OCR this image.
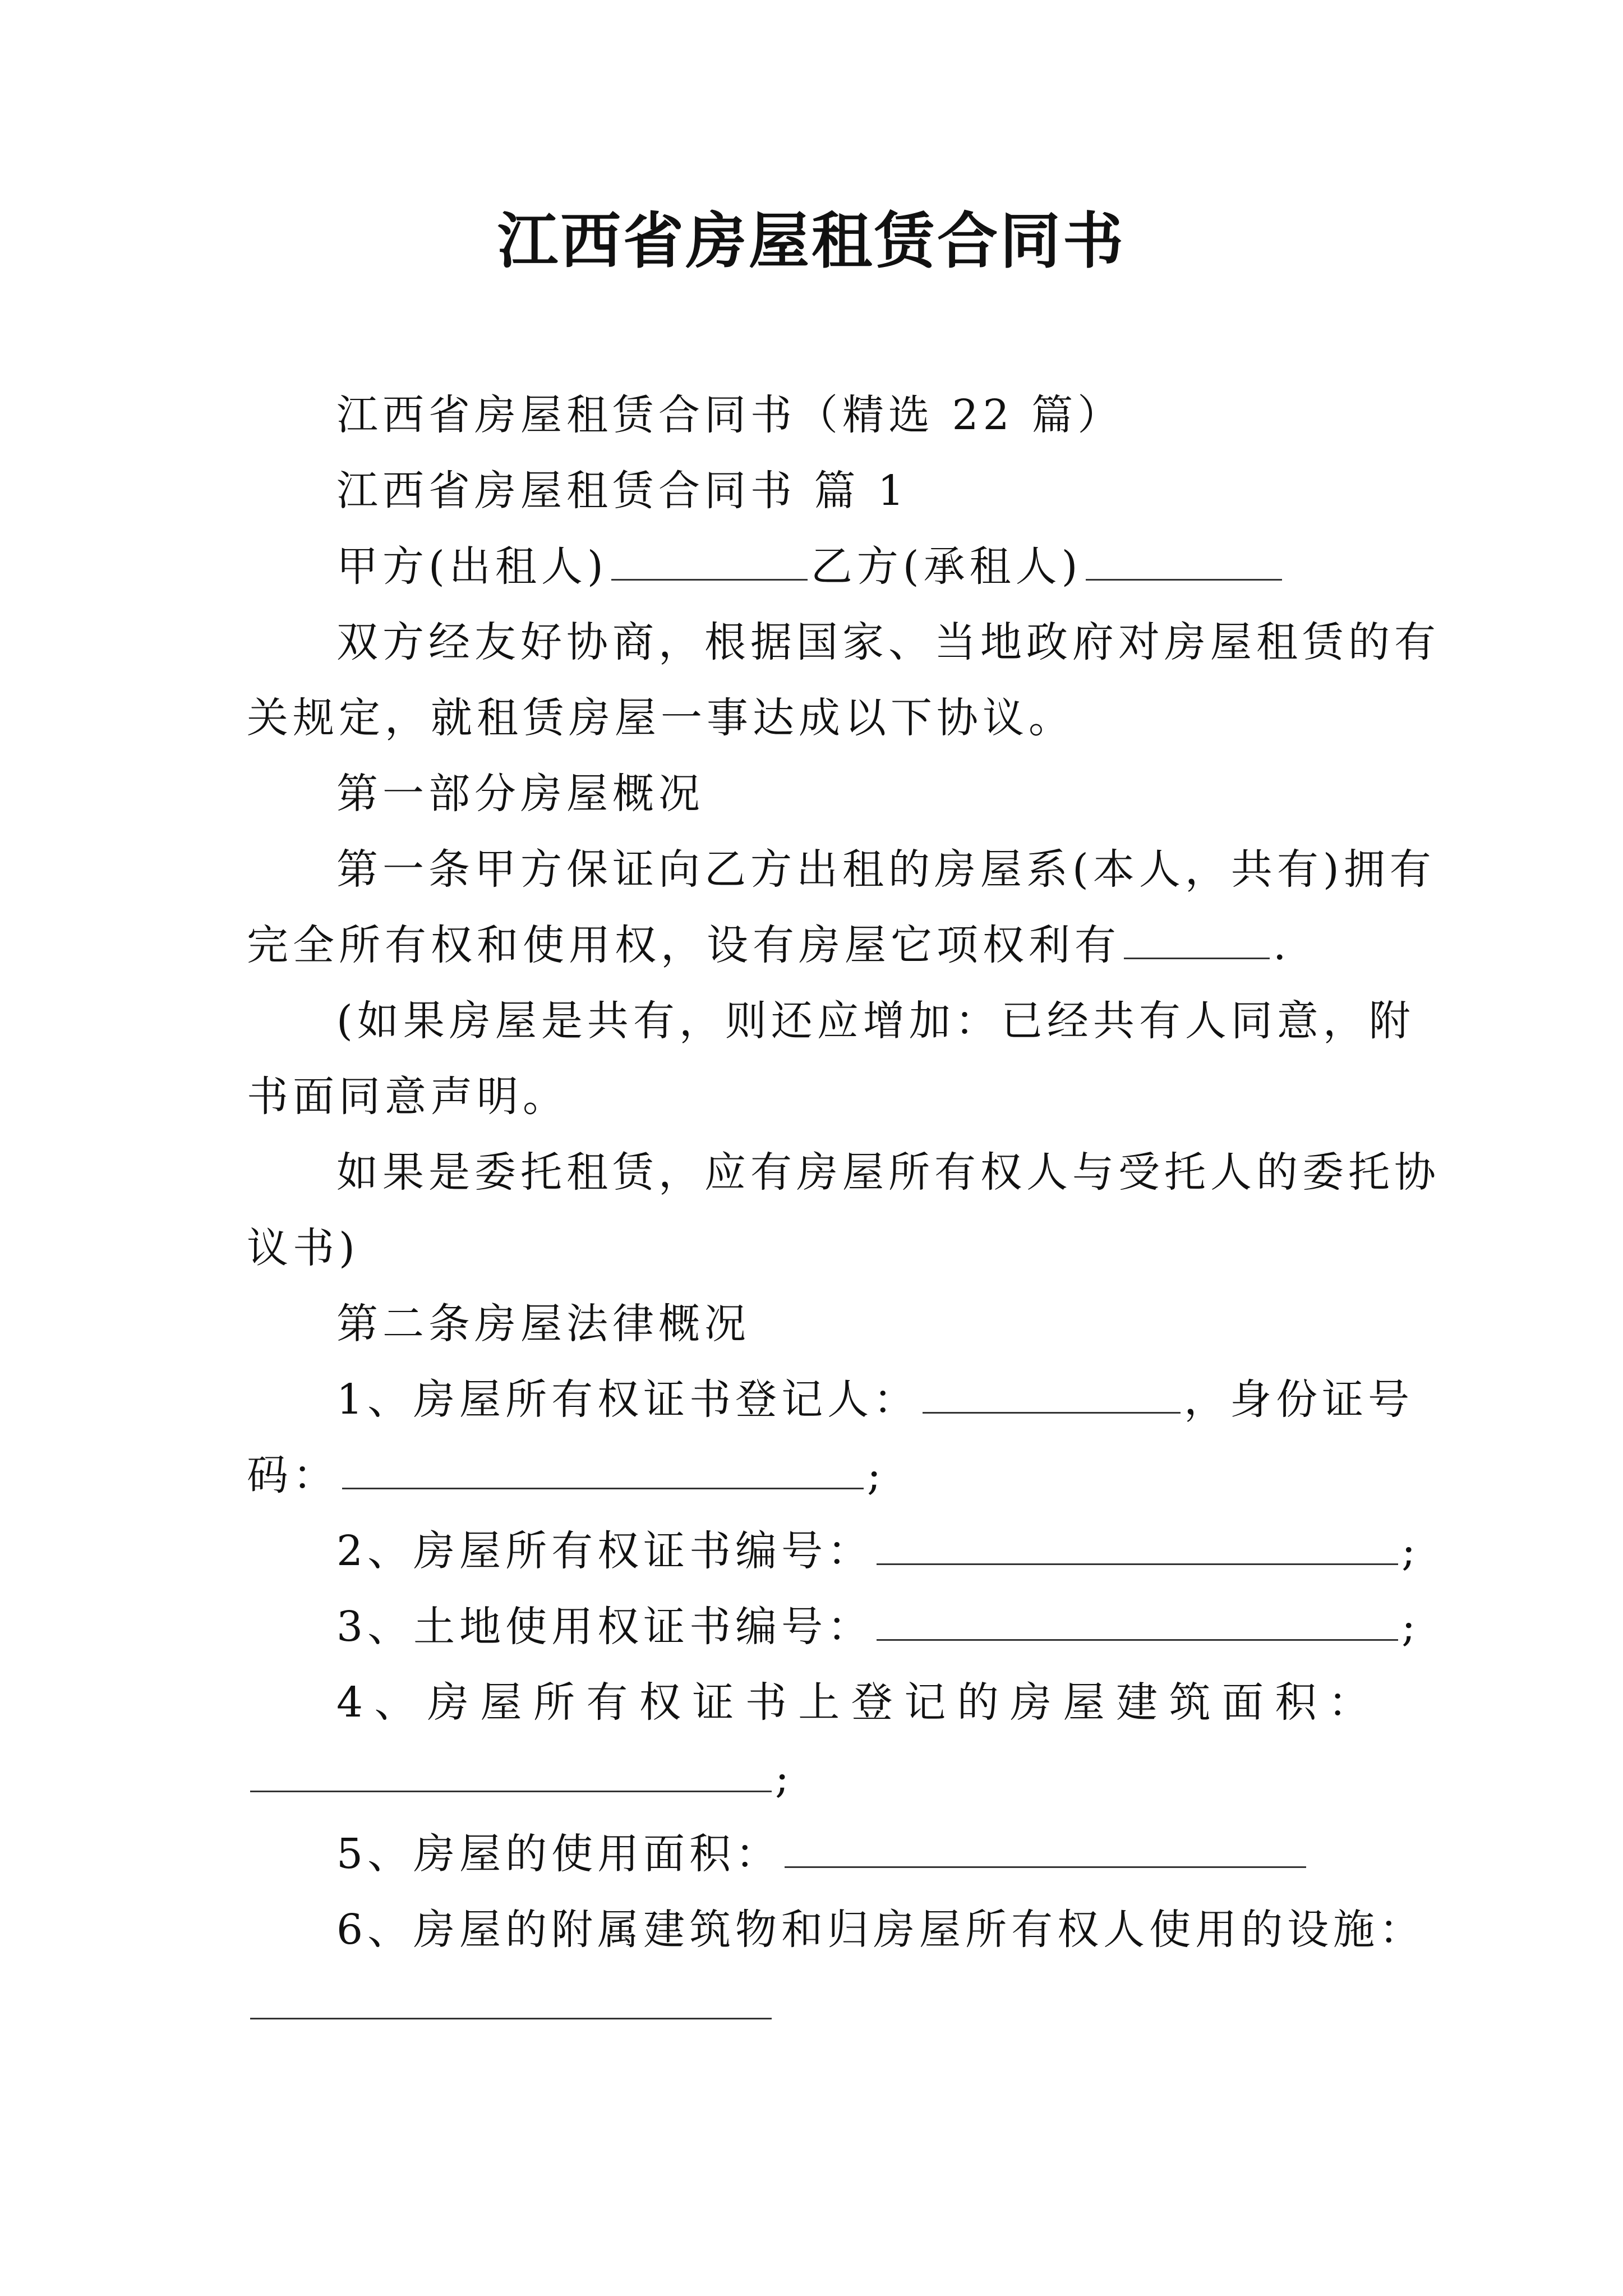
江西省房屋租赁合同书
江西省房屋租赁合同书（精选 22 篇）
江西省房屋租赁合同书 篇 1
甲方(出租人)	乙方(承租人)
双方经友好协商，根据国家、当地政府对房屋租赁的有
关规定，就租赁房屋一事达成以下协议。
第一部分房屋概况
第一条甲方保证向乙方出租的房屋系(本人，共有)拥有
完全所有权和使用权，设有房屋它项权利有	.
(如果房屋是共有，则还应增加：已经共有人同意，附
书面同意声明。
如果是委托租赁，应有房屋所有权人与受托人的委托协
议书)
第二条房屋法律概况
1、房屋所有权证书登记人：	，身份证号
码：	;
2、房屋所有权证书编号：	;
3、土地使用权证书编号：	;
4、房屋所有权证书上登记的房屋建筑面积：
;
5、房屋的使用面积：
6、房屋的附属建筑物和归房屋所有权人使用的设施：
